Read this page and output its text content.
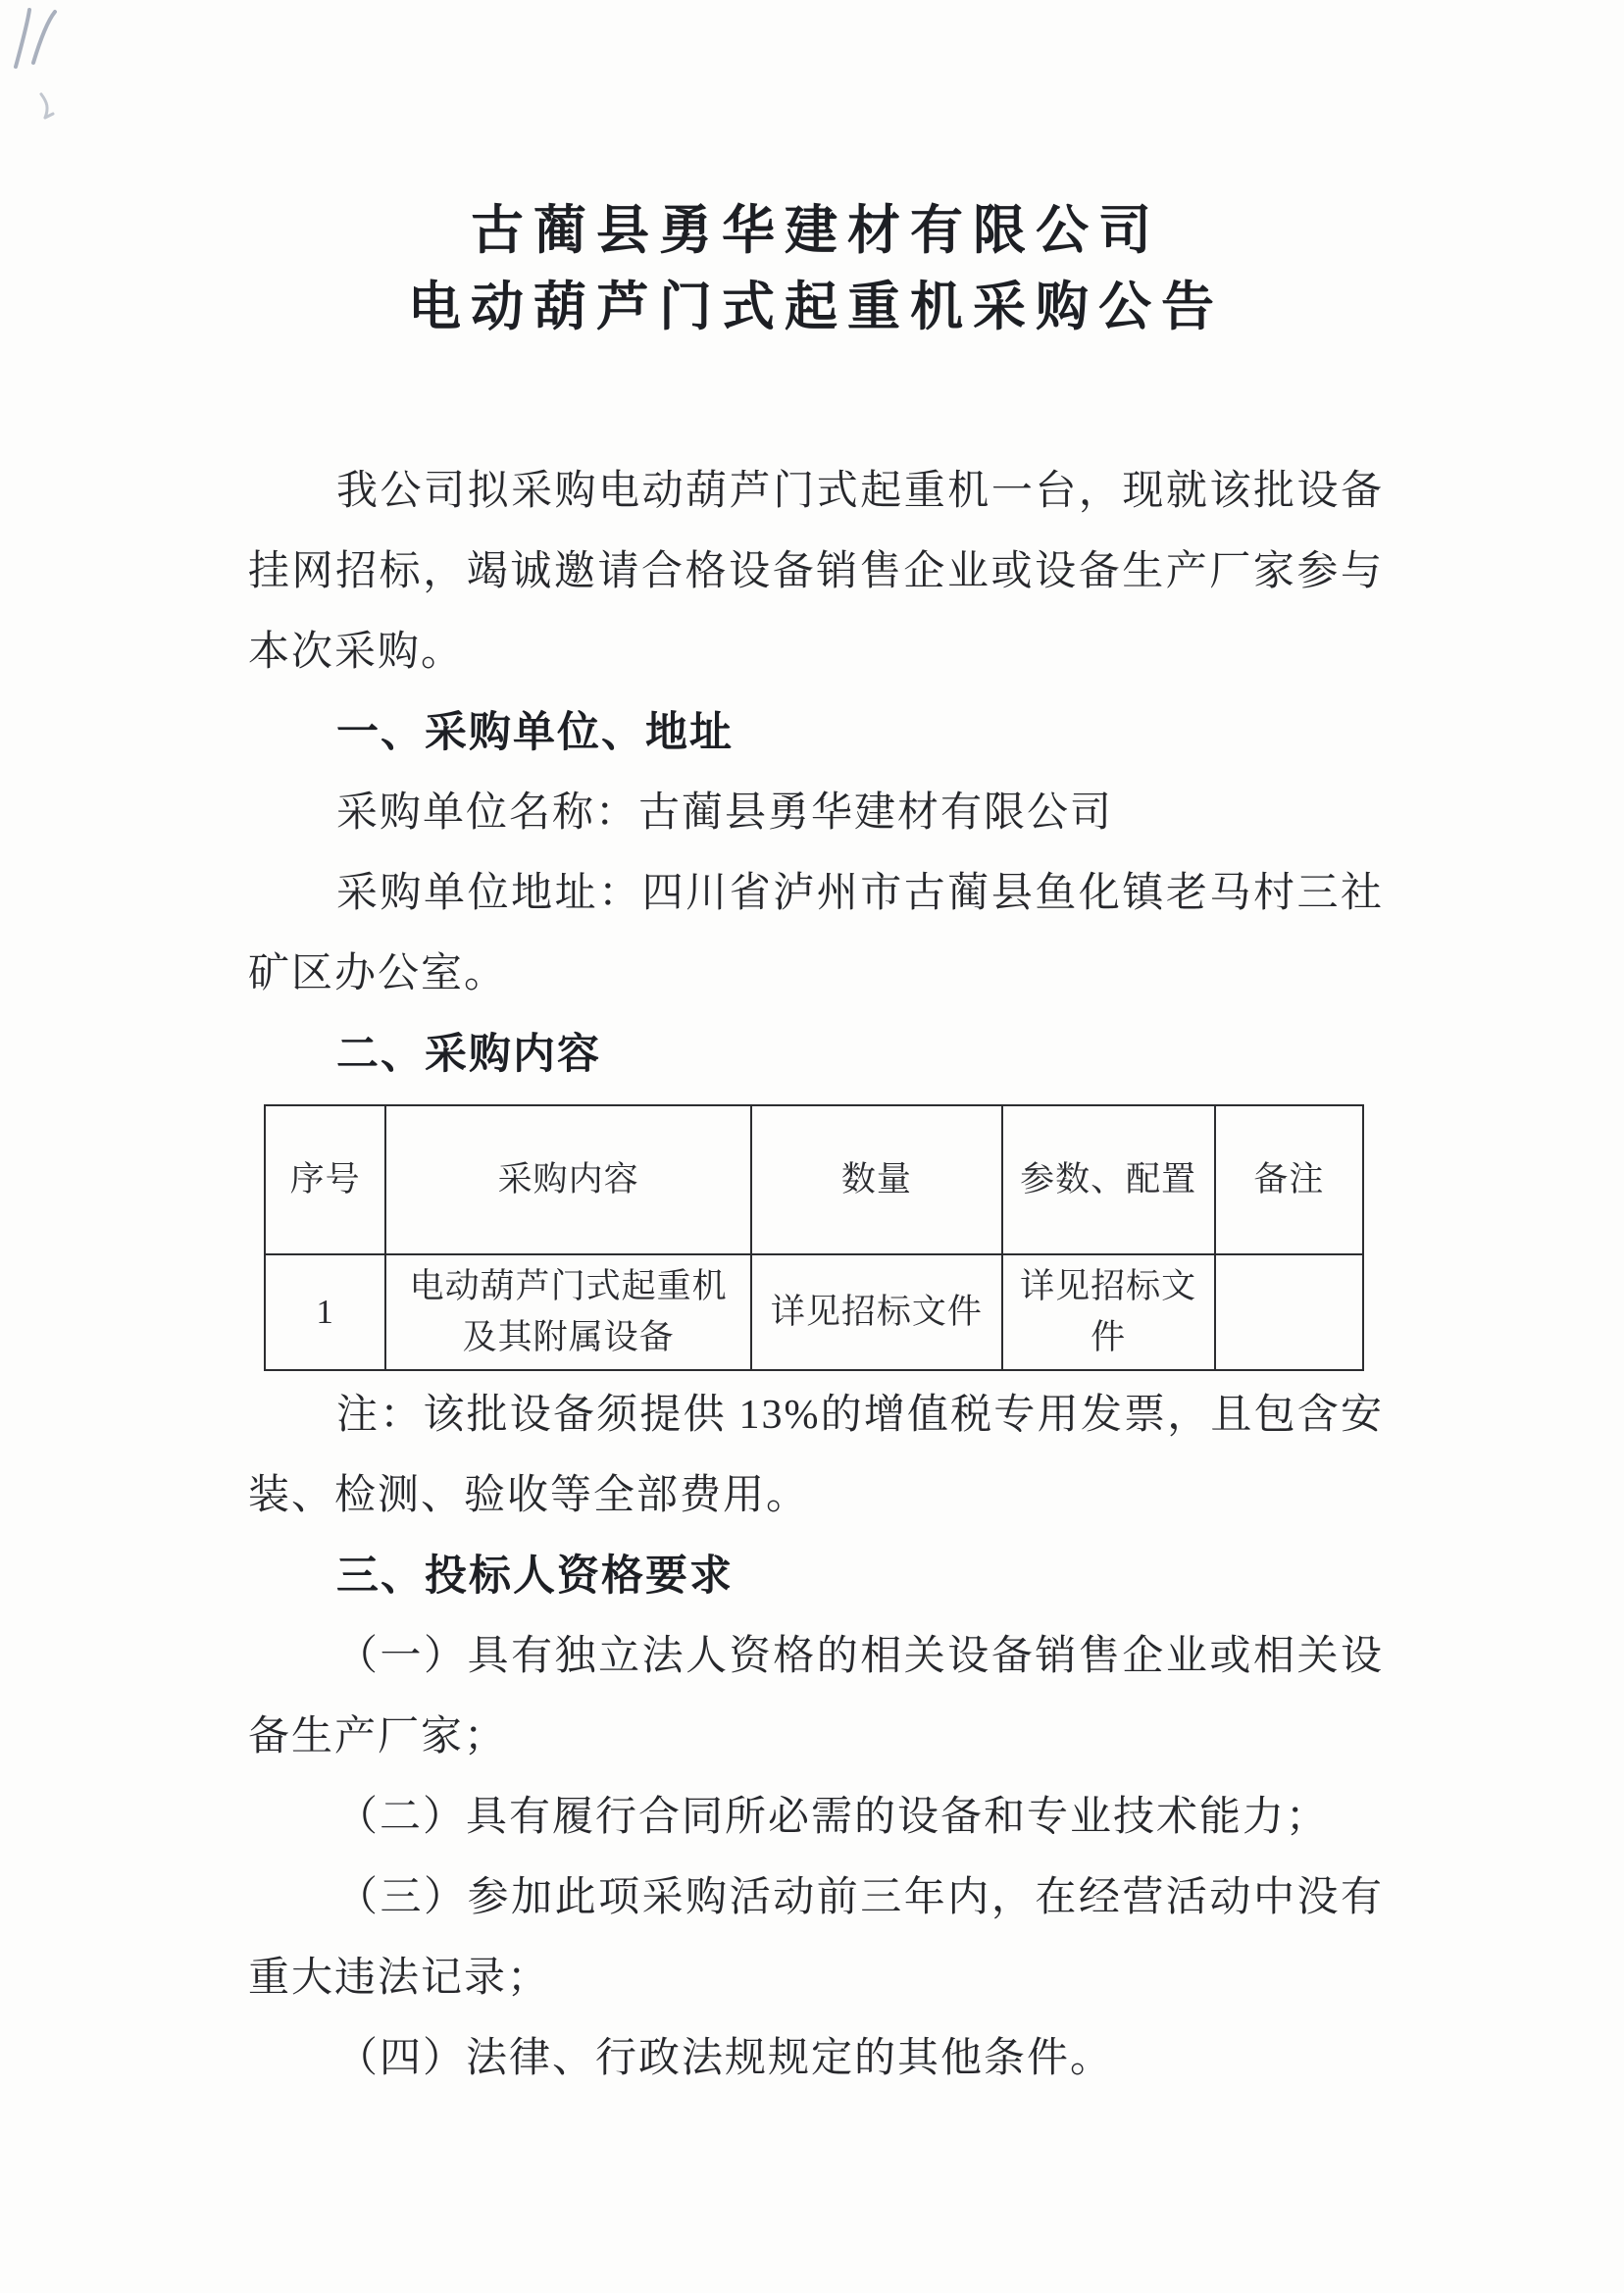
古蔺县勇华建材有限公司
电动葫芦门式起重机采购公告

我公司拟采购电动葫芦门式起重机一台，现就该批设备挂网招标，竭诚邀请合格设备销售企业或设备生产厂家参与本次采购。

一、采购单位、地址

采购单位名称：古蔺县勇华建材有限公司

采购单位地址：四川省泸州市古蔺县鱼化镇老马村三社矿区办公室。

二、采购内容

序号	采购内容	数量	参数、配置	备注
1	电动葫芦门式起重机及其附属设备	详见招标文件	详见招标文件	

注：该批设备须提供 13%的增值税专用发票，且包含安装、检测、验收等全部费用。

三、投标人资格要求

（一）具有独立法人资格的相关设备销售企业或相关设备生产厂家；

（二）具有履行合同所必需的设备和专业技术能力；

（三）参加此项采购活动前三年内，在经营活动中没有重大违法记录；

（四）法律、行政法规规定的其他条件。
